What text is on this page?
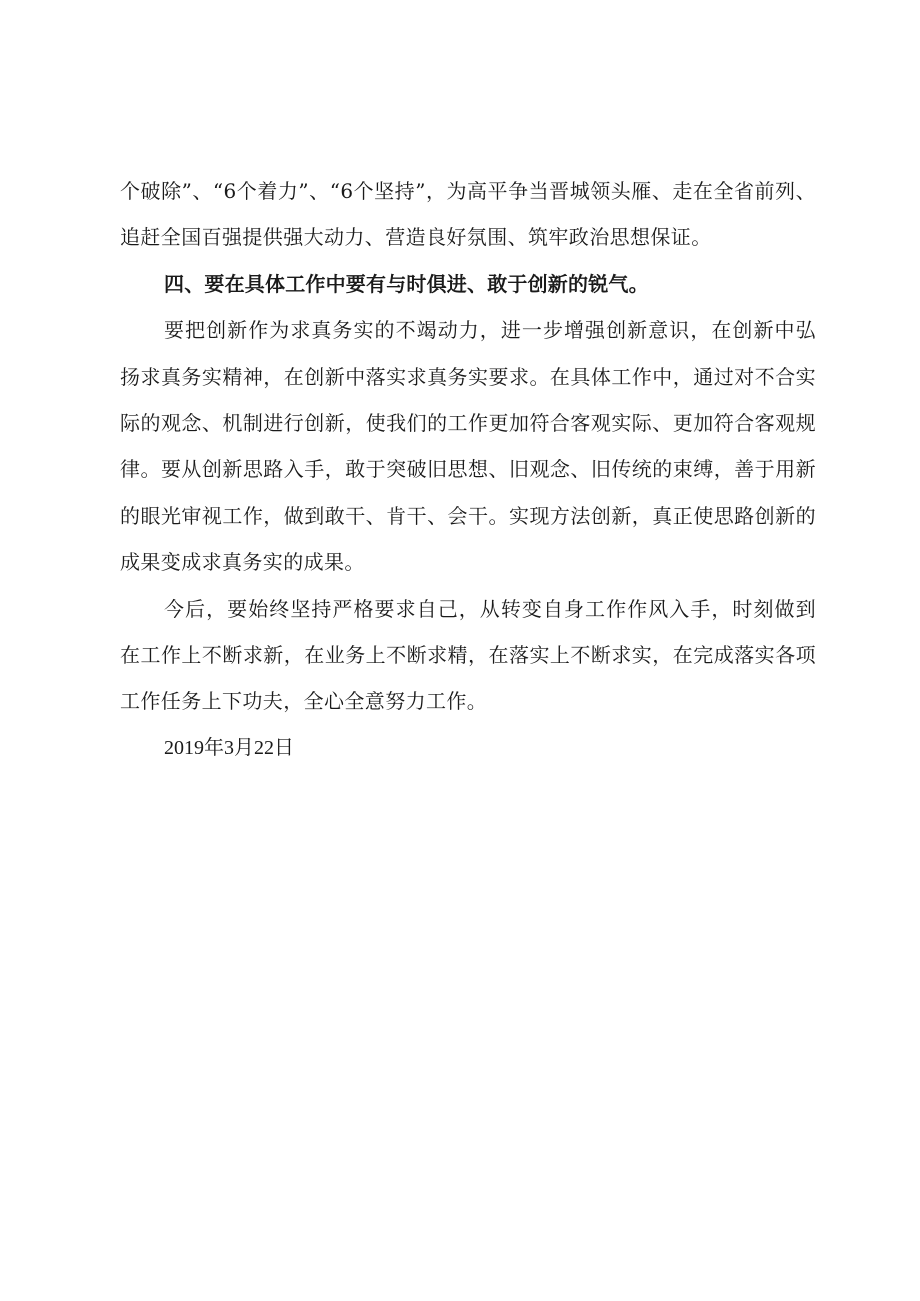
个破除”、“6个着力”、“6个坚持”，为高平争当晋城领头雁、走在全省前列、追赶全国百强提供强大动力、营造良好氛围、筑牢政治思想保证。

四、要在具体工作中要有与时俱进、敢于创新的锐气。

要把创新作为求真务实的不竭动力，进一步增强创新意识，在创新中弘扬求真务实精神，在创新中落实求真务实要求。在具体工作中，通过对不合实际的观念、机制进行创新，使我们的工作更加符合客观实际、更加符合客观规律。要从创新思路入手，敢于突破旧思想、旧观念、旧传统的束缚，善于用新的眼光审视工作，做到敢干、肯干、会干。实现方法创新，真正使思路创新的成果变成求真务实的成果。

今后，要始终坚持严格要求自己，从转变自身工作作风入手，时刻做到在工作上不断求新，在业务上不断求精，在落实上不断求实，在完成落实各项工作任务上下功夫，全心全意努力工作。

2019年3月22日
